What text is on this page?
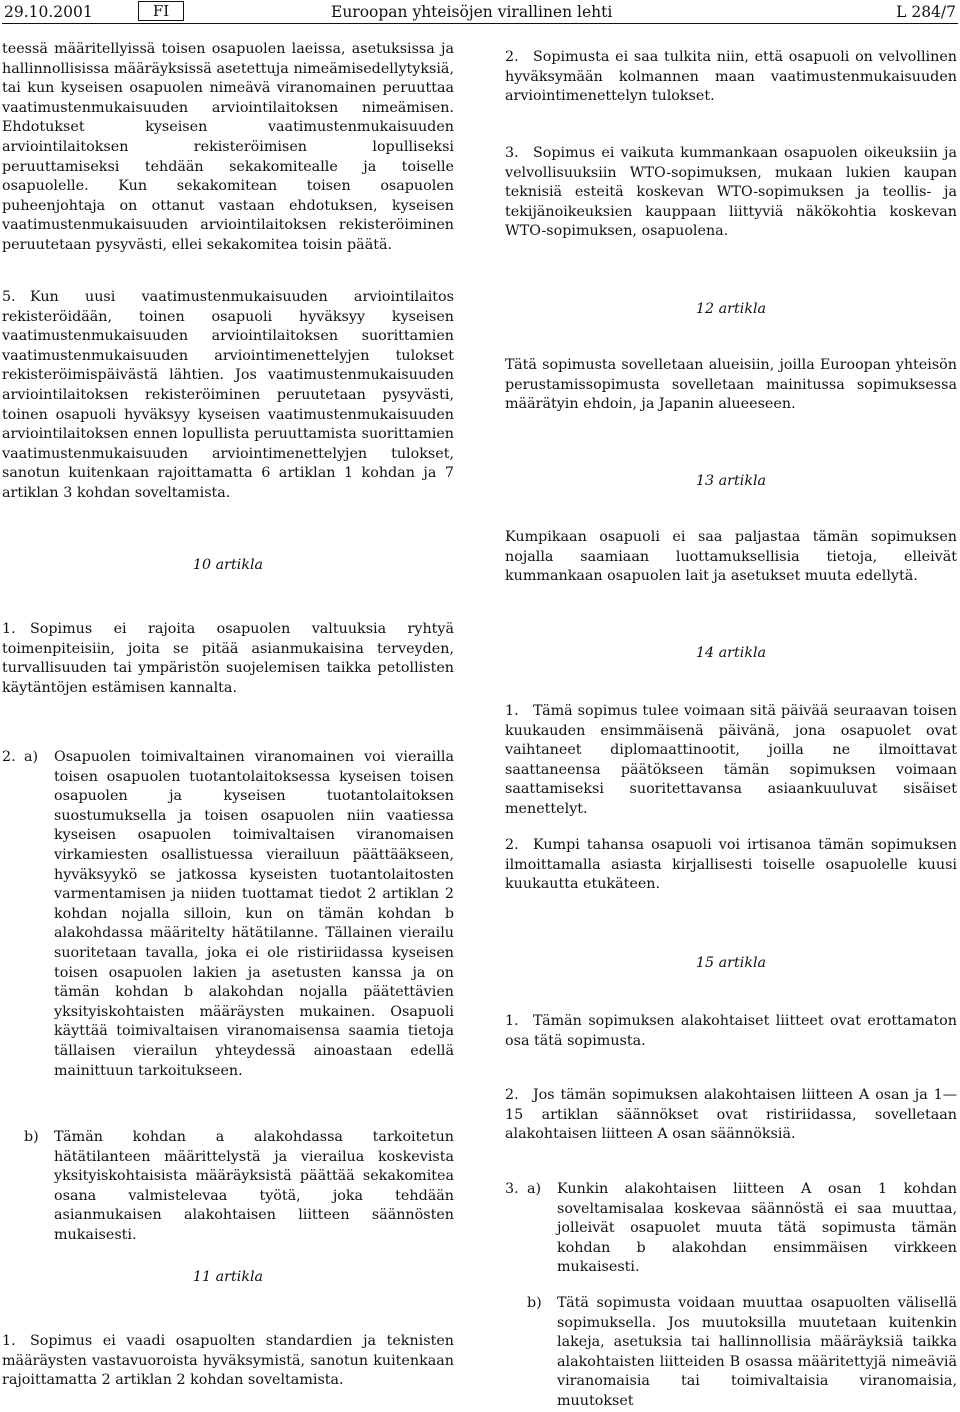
29.10.2001	FI	Euroopan yhteisöjen virallinen lehti	L 284/7

teessä määritellyissä toisen osapuolen laeissa, asetuksissa ja hallinnollisissa määräyksissä asetettuja nimeämisedellytyksiä, tai kun kyseisen osapuolen nimeävä viranomainen peruuttaa vaatimustenmukaisuuden arviointilaitoksen nimeämisen. Ehdotukset kyseisen vaatimustenmukaisuuden arviointilaitoksen rekisteröimisen lopulliseksi peruuttamiseksi tehdään sekakomitealle ja toiselle osapuolelle. Kun sekakomitean toisen osapuolen puheenjohtaja on ottanut vastaan ehdotuksen, kyseisen vaatimustenmukaisuuden arviointilaitoksen rekisteröiminen peruutetaan pysyvästi, ellei sekakomitea toisin päätä.

5.  Kun uusi vaatimustenmukaisuuden arviointilaitos rekisteröidään, toinen osapuoli hyväksyy kyseisen vaatimustenmukaisuuden arviointilaitoksen suorittamien vaatimustenmukaisuuden arviointimenettelyjen tulokset rekisteröimispäivästä lähtien. Jos vaatimustenmukaisuuden arviointilaitoksen rekisteröiminen peruutetaan pysyvästi, toinen osapuoli hyväksyy kyseisen vaatimustenmukaisuuden arviointilaitoksen ennen lopullista peruuttamista suorittamien vaatimustenmukaisuuden arviointimenettelyjen tulokset, sanotun kuitenkaan rajoittamatta 6 artiklan 1 kohdan ja 7 artiklan 3 kohdan soveltamista.

10 artikla

1.  Sopimus ei rajoita osapuolen valtuuksia ryhtyä toimenpiteisiin, joita se pitää asianmukaisina terveyden, turvallisuuden tai ympäristön suojelemisen taikka petollisten käytäntöjen estämisen kannalta.

2. a)	Osapuolen toimivaltainen viranomainen voi vierailla toisen osapuolen tuotantolaitoksessa kyseisen toisen osapuolen ja kyseisen tuotantolaitoksen suostumuksella ja toisen osapuolen niin vaatiessa kyseisen osapuolen toimivaltaisen viranomaisen virkamiesten osallistuessa vierailuun päättääkseen, hyväksyykö se jatkossa kyseisten tuotantolaitosten varmentamisen ja niiden tuottamat tiedot 2 artiklan 2 kohdan nojalla silloin, kun on tämän kohdan b alakohdassa määritelty hätätilanne. Tällainen vierailu suoritetaan tavalla, joka ei ole ristiriidassa kyseisen toisen osapuolen lakien ja asetusten kanssa ja on tämän kohdan b alakohdan nojalla päätettävien yksityiskohtaisten määräysten mukainen. Osapuoli käyttää toimivaltaisen viranomaisensa saamia tietoja tällaisen vierailun yhteydessä ainoastaan edellä mainittuun tarkoitukseen.
b)	Tämän kohdan a alakohdassa tarkoitetun hätätilanteen määrittelystä ja vierailua koskevista yksityiskohtaisista määräyksistä päättää sekakomitea osana valmistelevaa työtä, joka tehdään asianmukaisen alakohtaisen liitteen säännösten mukaisesti.
11 artikla

1.  Sopimus ei vaadi osapuolten standardien ja teknisten määräysten vastavuoroista hyväksymistä, sanotun kuitenkaan rajoittamatta 2 artiklan 2 kohdan soveltamista.

2.  Sopimusta ei saa tulkita niin, että osapuoli on velvollinen hyväksymään kolmannen maan vaatimustenmukaisuuden arviointimenettelyn tulokset.

3.  Sopimus ei vaikuta kummankaan osapuolen oikeuksiin ja velvollisuuksiin WTO-sopimuksen, mukaan lukien kaupan teknisiä esteitä koskevan WTO-sopimuksen ja teollis- ja tekijänoikeuksien kauppaan liittyviä näkökohtia koskevan WTO-sopimuksen, osapuolena.

12 artikla

Tätä sopimusta sovelletaan alueisiin, joilla Euroopan yhteisön perustamissopimusta sovelletaan mainitussa sopimuksessa määrätyin ehdoin, ja Japanin alueeseen.

13 artikla

Kumpikaan osapuoli ei saa paljastaa tämän sopimuksen nojalla saamiaan luottamuksellisia tietoja, elleivät kummankaan osapuolen lait ja asetukset muuta edellytä.

14 artikla

1.  Tämä sopimus tulee voimaan sitä päivää seuraavan toisen kuukauden ensimmäisenä päivänä, jona osapuolet ovat vaihtaneet diplomaattinootit, joilla ne ilmoittavat saattaneensa päätökseen tämän sopimuksen voimaan saattamiseksi suoritettavansa asiaankuuluvat sisäiset menettelyt.

2.  Kumpi tahansa osapuoli voi irtisanoa tämän sopimuksen ilmoittamalla asiasta kirjallisesti toiselle osapuolelle kuusi kuukautta etukäteen.

15 artikla

1.  Tämän sopimuksen alakohtaiset liitteet ovat erottamaton osa tätä sopimusta.

2.  Jos tämän sopimuksen alakohtaisen liitteen A osan ja 1—15 artiklan säännökset ovat ristiriidassa, sovelletaan alakohtaisen liitteen A osan säännöksiä.

3. a)	Kunkin alakohtaisen liitteen A osan 1 kohdan soveltamisalaa koskevaa säännöstä ei saa muuttaa, jolleivät osapuolet muuta tätä sopimusta tämän kohdan b alakohdan ensimmäisen virkkeen mukaisesti.
b)	Tätä sopimusta voidaan muuttaa osapuolten välisellä sopimuksella. Jos muutoksilla muutetaan kuitenkin lakeja, asetuksia tai hallinnollisia määräyksiä taikka alakohtaisten liitteiden B osassa määritettyjä nimeäviä viranomaisia tai toimivaltaisia viranomaisia, muutokset
